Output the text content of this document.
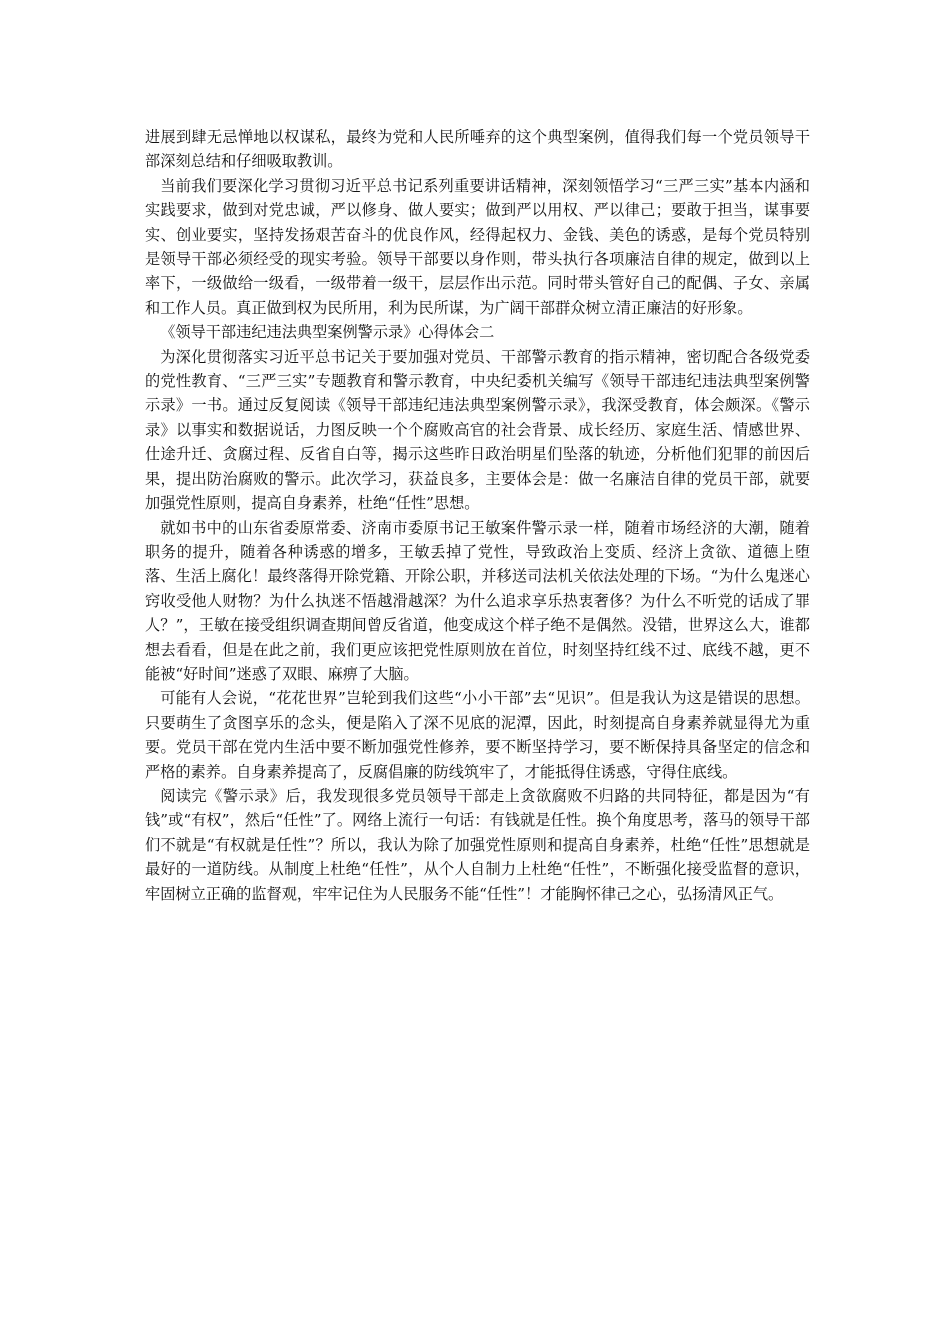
进展到肆无忌惮地以权谋私，最终为党和人民所唾弃的这个典型案例，值得我们每一个党员领导干部深刻总结和仔细吸取教训。

当前我们要深化学习贯彻习近平总书记系列重要讲话精神，深刻领悟学习“三严三实”基本内涵和实践要求，做到对党忠诚，严以修身、做人要实；做到严以用权、严以律己；要敢于担当，谋事要实、创业要实，坚持发扬艰苦奋斗的优良作风，经得起权力、金钱、美色的诱惑，是每个党员特别是领导干部必须经受的现实考验。领导干部要以身作则，带头执行各项廉洁自律的规定，做到以上率下，一级做给一级看，一级带着一级干，层层作出示范。同时带头管好自己的配偶、子女、亲属和工作人员。真正做到权为民所用，利为民所谋，为广阔干部群众树立清正廉洁的好形象。

《领导干部违纪违法典型案例警示录》心得体会二

为深化贯彻落实习近平总书记关于要加强对党员、干部警示教育的指示精神，密切配合各级党委的党性教育、“三严三实”专题教育和警示教育，中央纪委机关编写《领导干部违纪违法典型案例警示录》一书。通过反复阅读《领导干部违纪违法典型案例警示录》，我深受教育，体会颇深。《警示录》以事实和数据说话，力图反映一个个腐败高官的社会背景、成长经历、家庭生活、情感世界、仕途升迁、贪腐过程、反省自白等，揭示这些昨日政治明星们坠落的轨迹，分析他们犯罪的前因后果，提出防治腐败的警示。此次学习，获益良多，主要体会是：做一名廉洁自律的党员干部，就要加强党性原则，提高自身素养，杜绝“任性”思想。

就如书中的山东省委原常委、济南市委原书记王敏案件警示录一样，随着市场经济的大潮，随着职务的提升，随着各种诱惑的增多，王敏丢掉了党性，导致政治上变质、经济上贪欲、道德上堕落、生活上腐化！最终落得开除党籍、开除公职，并移送司法机关依法处理的下场。“为什么鬼迷心窍收受他人财物？为什么执迷不悟越滑越深？为什么追求享乐热衷奢侈？为什么不听党的话成了罪人？”，王敏在接受组织调查期间曾反省道，他变成这个样子绝不是偶然。没错，世界这么大，谁都想去看看，但是在此之前，我们更应该把党性原则放在首位，时刻坚持红线不过、底线不越，更不能被“好时间”迷惑了双眼、麻痹了大脑。

可能有人会说，“花花世界”岂轮到我们这些“小小干部”去“见识”。但是我认为这是错误的思想。只要萌生了贪图享乐的念头，便是陷入了深不见底的泥潭，因此，时刻提高自身素养就显得尤为重要。党员干部在党内生活中要不断加强党性修养，要不断坚持学习，要不断保持具备坚定的信念和严格的素养。自身素养提高了，反腐倡廉的防线筑牢了，才能抵得住诱惑，守得住底线。

阅读完《警示录》后，我发现很多党员领导干部走上贪欲腐败不归路的共同特征，都是因为“有钱”或“有权”，然后“任性”了。网络上流行一句话：有钱就是任性。换个角度思考，落马的领导干部们不就是“有权就是任性”？所以，我认为除了加强党性原则和提高自身素养，杜绝“任性”思想就是最好的一道防线。从制度上杜绝“任性”，从个人自制力上杜绝“任性”，不断强化接受监督的意识，牢固树立正确的监督观，牢牢记住为人民服务不能“任性”！才能胸怀律己之心，弘扬清风正气。
